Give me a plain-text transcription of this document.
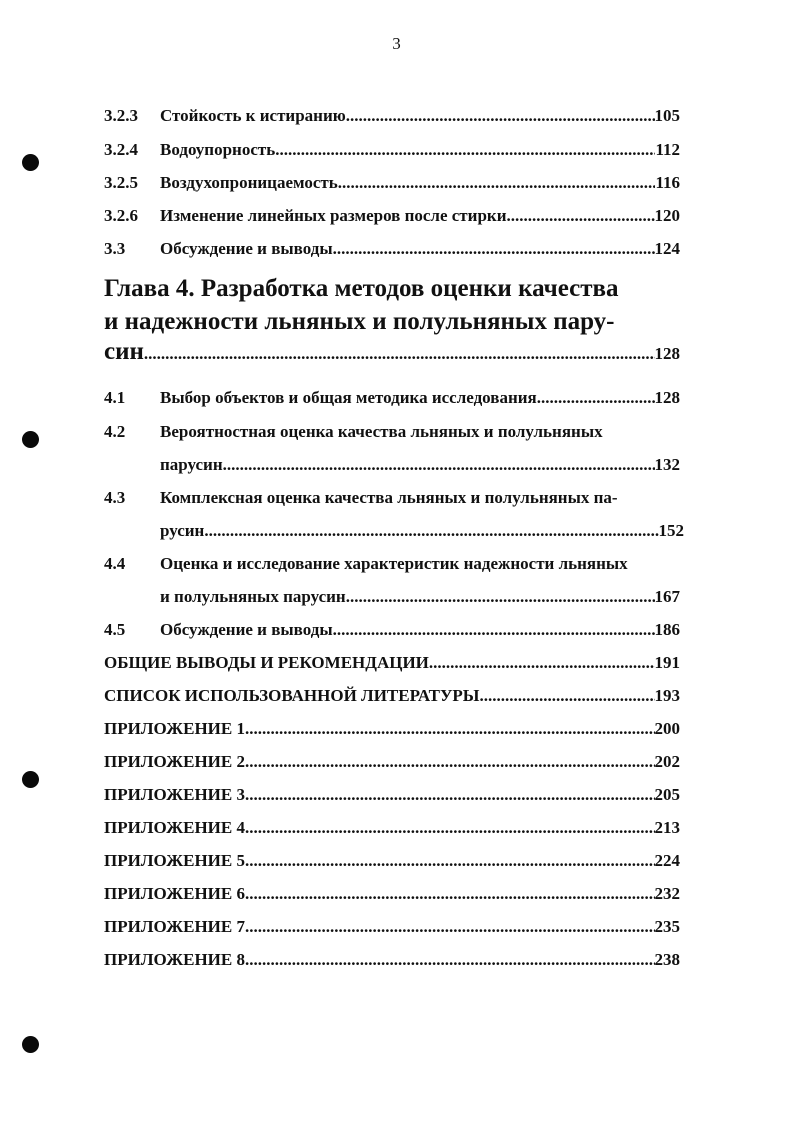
3
3.2.3	Стойкость к истиранию .....	105
3.2.4	Водоупорность .....	112
3.2.5	Воздухопроницаемость .....	116
3.2.6	Изменение линейных размеров после стирки .....	120
3.3	Обсуждение и выводы .....	124
Глава 4. Разработка методов оценки качества
и надежности льняных и полульняных пару-
син .....	128
4.1	Выбор объектов и общая методика исследования .....	128
4.2	Вероятностная оценка качества льняных и полульняных
парусин .....	132
4.3	Комплексная оценка качества льняных и полульняных па-
русин .....	152
4.4	Оценка и исследование характеристик надежности льняных
и полульняных парусин .....	167
4.5	Обсуждение и выводы .....	186
ОБЩИЕ ВЫВОДЫ И РЕКОМЕНДАЦИИ .....	191
СПИСОК ИСПОЛЬЗОВАННОЙ ЛИТЕРАТУРЫ .....	193
ПРИЛОЖЕНИЕ 1 .....	200
ПРИЛОЖЕНИЕ 2 .....	202
ПРИЛОЖЕНИЕ 3 .....	205
ПРИЛОЖЕНИЕ 4 .....	213
ПРИЛОЖЕНИЕ 5 .....	224
ПРИЛОЖЕНИЕ 6 .....	232
ПРИЛОЖЕНИЕ 7 .....	235
ПРИЛОЖЕНИЕ 8 .....	238
